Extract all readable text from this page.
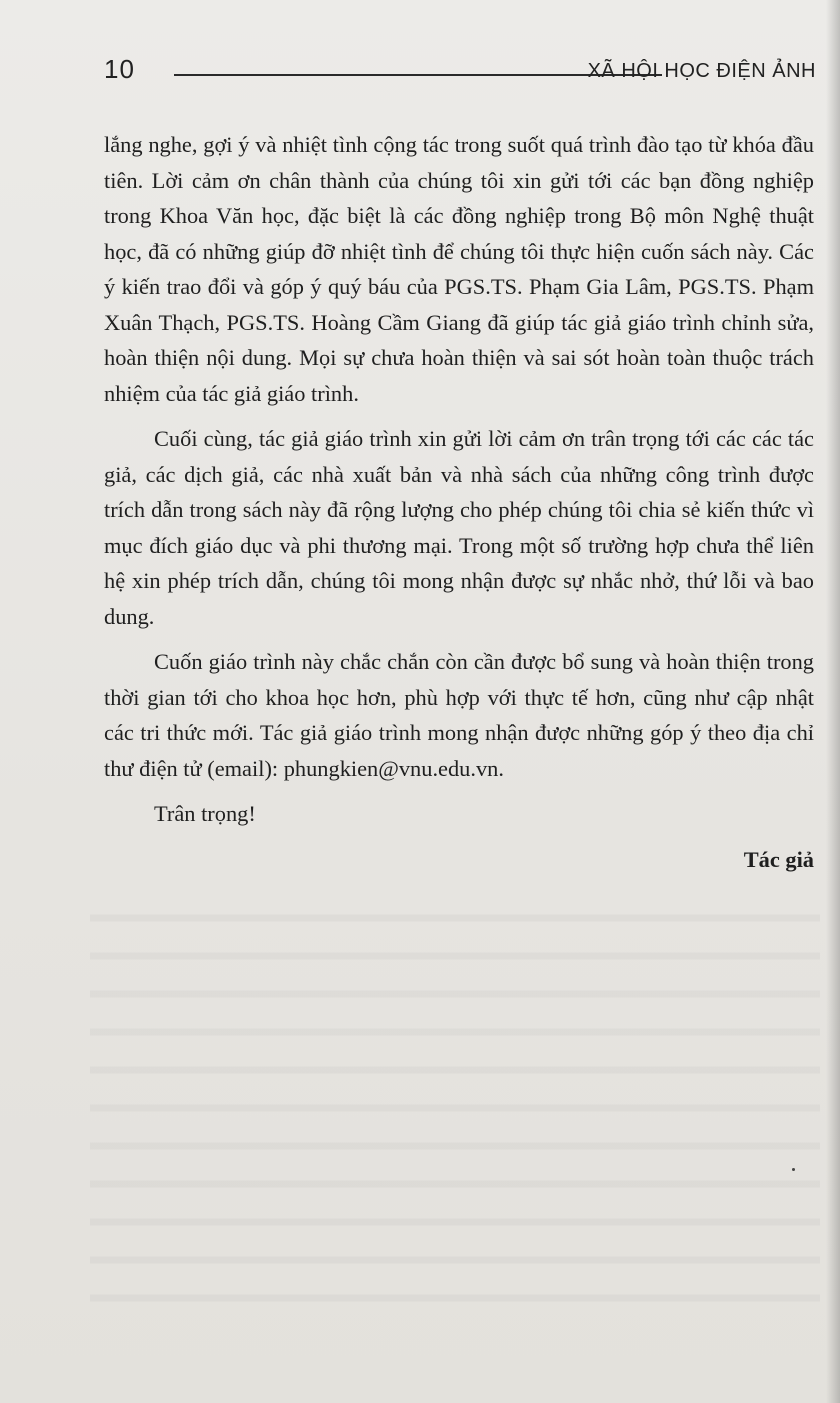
10	XÃ HỘI HỌC ĐIỆN ẢNH

lắng nghe, gợi ý và nhiệt tình cộng tác trong suốt quá trình đào tạo từ khóa đầu tiên. Lời cảm ơn chân thành của chúng tôi xin gửi tới các bạn đồng nghiệp trong Khoa Văn học, đặc biệt là các đồng nghiệp trong Bộ môn Nghệ thuật học, đã có những giúp đỡ nhiệt tình để chúng tôi thực hiện cuốn sách này. Các ý kiến trao đổi và góp ý quý báu của PGS.TS. Phạm Gia Lâm, PGS.TS. Phạm Xuân Thạch, PGS.TS. Hoàng Cầm Giang đã giúp tác giả giáo trình chỉnh sửa, hoàn thiện nội dung. Mọi sự chưa hoàn thiện và sai sót hoàn toàn thuộc trách nhiệm của tác giả giáo trình.

Cuối cùng, tác giả giáo trình xin gửi lời cảm ơn trân trọng tới các các tác giả, các dịch giả, các nhà xuất bản và nhà sách của những công trình được trích dẫn trong sách này đã rộng lượng cho phép chúng tôi chia sẻ kiến thức vì mục đích giáo dục và phi thương mại. Trong một số trường hợp chưa thể liên hệ xin phép trích dẫn, chúng tôi mong nhận được sự nhắc nhở, thứ lỗi và bao dung.

Cuốn giáo trình này chắc chắn còn cần được bổ sung và hoàn thiện trong thời gian tới cho khoa học hơn, phù hợp với thực tế hơn, cũng như cập nhật các tri thức mới. Tác giả giáo trình mong nhận được những góp ý theo địa chỉ thư điện tử (email): phungkien@vnu.edu.vn.

Trân trọng!

Tác giả
